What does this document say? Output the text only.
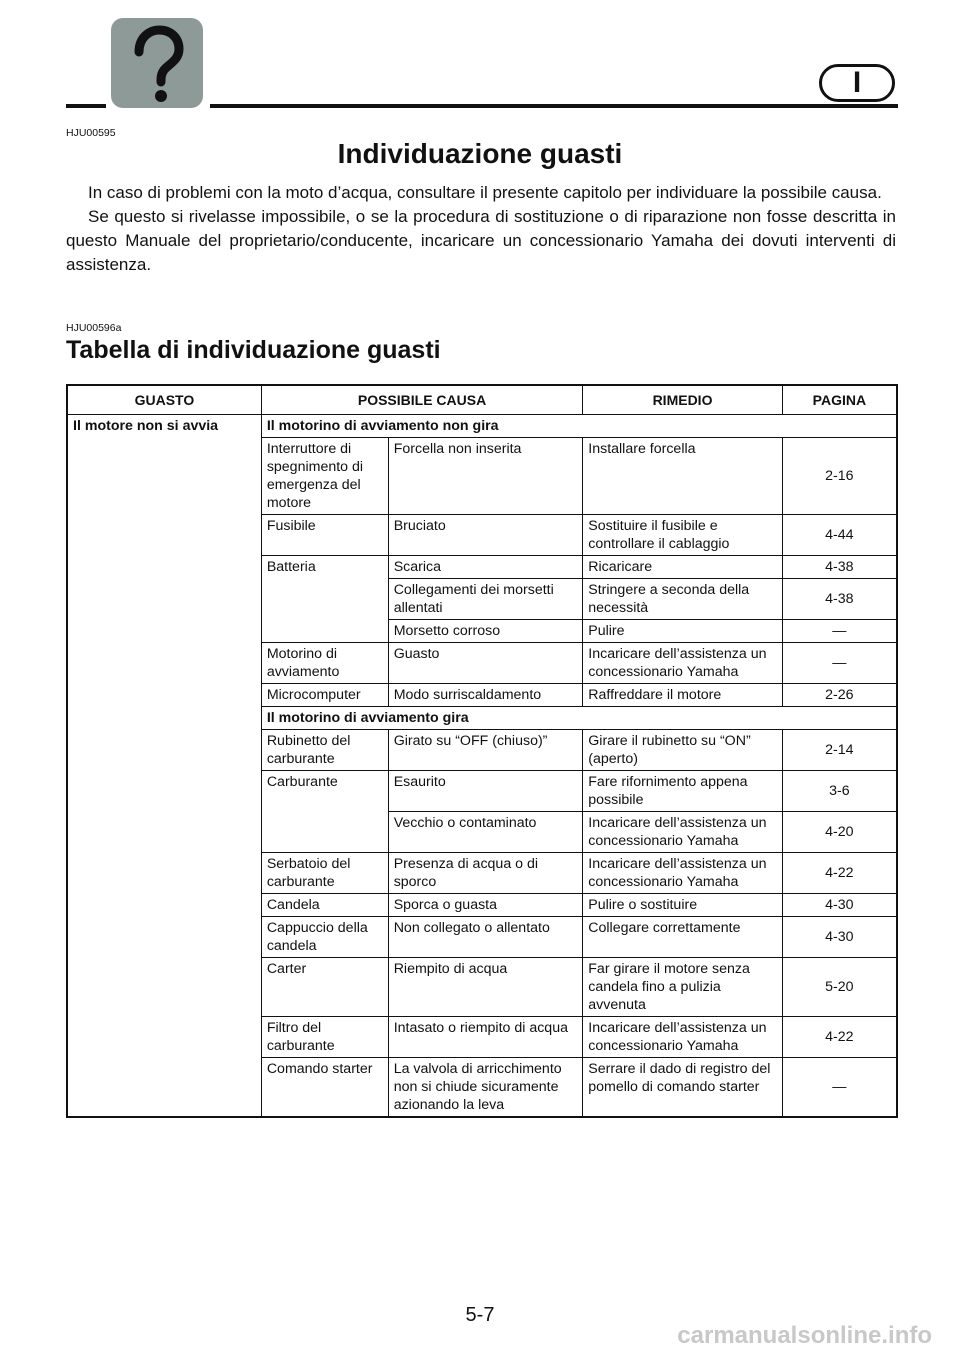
I
HJU00595
Individuazione guasti

In caso di problemi con la moto d’acqua, consultare il presente capitolo per individuare la possibile causa.

Se questo si rivelasse impossibile, o se la procedura di sostituzione o di riparazione non fosse descritta in questo Manuale del proprietario/conducente, incaricare un concessionario Yamaha dei dovuti interventi di assistenza.

HJU00596a
Tabella di individuazione guasti
GUASTO	POSSIBILE CAUSA		RIMEDIO	PAGINA
Il motore non si avvia	Il motorino di avviamento non gira			
	Interruttore di spegnimento di emergenza del motore	Forcella non inserita	Installare forcella	2-16
	Fusibile	Bruciato	Sostituire il fusibile e controllare il cablaggio	4-44
	Batteria	Scarica	Ricaricare	4-38
		Collegamenti dei morsetti allentati	Stringere a seconda della necessità	4-38
		Morsetto corroso	Pulire	—
	Motorino di avviamento	Guasto	Incaricare dell’assistenza un concessionario Yamaha	—
	Microcomputer	Modo surriscaldamento	Raffreddare il motore	2-26
	Il motorino di avviamento gira			
	Rubinetto del carburante	Girato su “OFF (chiuso)”	Girare il rubinetto su “ON” (aperto)	2-14
	Carburante	Esaurito	Fare rifornimento appena possibile	3-6
		Vecchio o contaminato	Incaricare dell’assistenza un concessionario Yamaha	4-20
	Serbatoio del carburante	Presenza di acqua o di sporco	Incaricare dell’assistenza un concessionario Yamaha	4-22
	Candela	Sporca o guasta	Pulire o sostituire	4-30
	Cappuccio della candela	Non collegato o allentato	Collegare correttamente	4-30
	Carter	Riempito di acqua	Far girare il motore senza candela fino a pulizia avvenuta	5-20
	Filtro del carburante	Intasato o riempito di acqua	Incaricare dell’assistenza un concessionario Yamaha	4-22
	Comando starter	La valvola di arricchimento non si chiude sicuramente azionando la leva	Serrare il dado di registro del pomello di comando starter	—
5-7
carmanualsonline.info
